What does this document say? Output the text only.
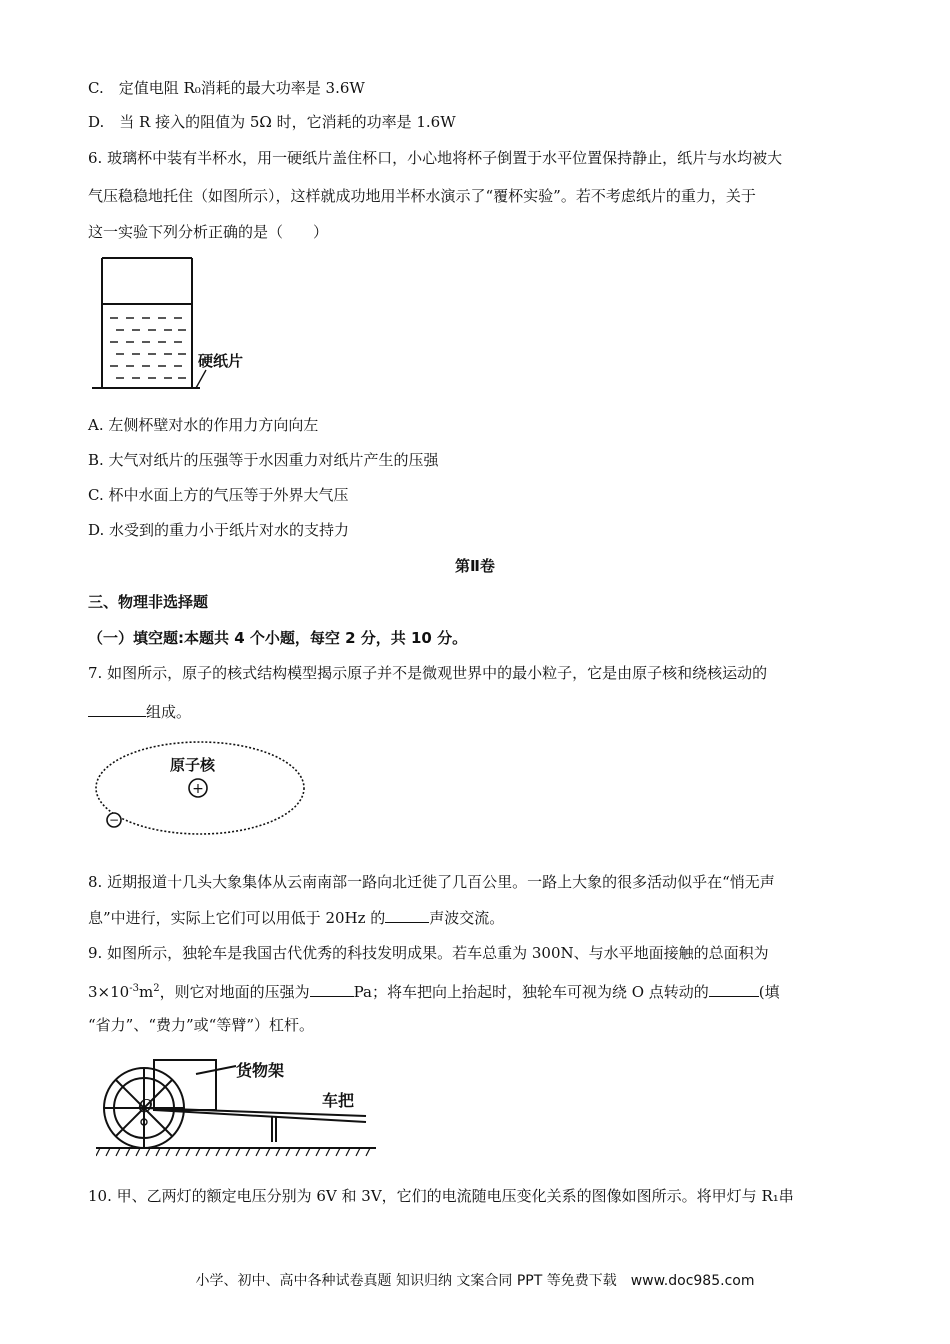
C.　定值电阻 R₀消耗的最大功率是 3.6W
D.　当 R 接入的阻值为 5Ω 时，它消耗的功率是 1.6W
6. 玻璃杯中装有半杯水，用一硬纸片盖住杯口，小心地将杯子倒置于水平位置保持静止，纸片与水均被大
气压稳稳地托住（如图所示），这样就成功地用半杯水演示了“覆杯实验”。若不考虑纸片的重力，关于
这一实验下列分析正确的是（　　）
硬纸片
A. 左侧杯壁对水的作用力方向向左
B. 大气对纸片的压强等于水因重力对纸片产生的压强
C. 杯中水面上方的气压等于外界大气压
D. 水受到的重力小于纸片对水的支持力
第Ⅱ卷
三、物理非选择题
（一）填空题:本题共 4 个小题，每空 2 分，共 10 分。
7. 如图所示，原子的核式结构模型揭示原子并不是微观世界中的最小粒子，它是由原子核和绕核运动的
组成。
原子核
+
−
8. 近期报道十几头大象集体从云南南部一路向北迁徙了几百公里。一路上大象的很多活动似乎在“悄无声
息”中进行，实际上它们可以用低于 20Hz 的	声波交流。
9. 如图所示，独轮车是我国古代优秀的科技发明成果。若车总重为 300N、与水平地面接触的总面积为
$3\times 10^{-3}m^2$，则它对地面的压强为	Pa；将车把向上抬起时，独轮车可视为绕 O 点转动的	(填
“省力”、“费力”或“等臂”）杠杆。
O
货物架
车把
10. 甲、乙两灯的额定电压分别为 6V 和 3V，它们的电流随电压变化关系的图像如图所示。将甲灯与 R₁串
小学、初中、高中各种试卷真题 知识归纳 文案合同 PPT 等免费下载　www.doc985.com
